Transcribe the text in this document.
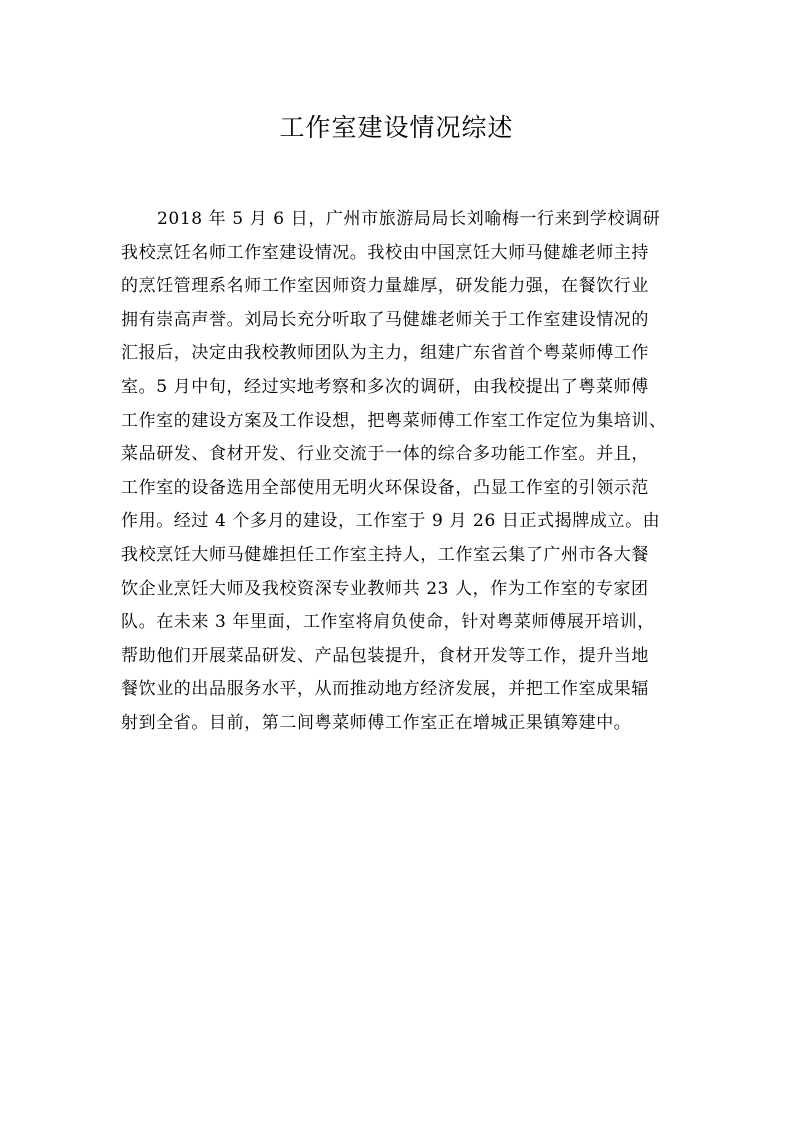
工作室建设情况综述
2018 年 5 月 6 日，广州市旅游局局长刘喻梅一行来到学校调研
我校烹饪名师工作室建设情况。我校由中国烹饪大师马健雄老师主持
的烹饪管理系名师工作室因师资力量雄厚，研发能力强，在餐饮行业
拥有崇高声誉。刘局长充分听取了马健雄老师关于工作室建设情况的
汇报后，决定由我校教师团队为主力，组建广东省首个粤菜师傅工作
室。5 月中旬，经过实地考察和多次的调研，由我校提出了粤菜师傅
工作室的建设方案及工作设想，把粤菜师傅工作室工作定位为集培训、
菜品研发、食材开发、行业交流于一体的综合多功能工作室。并且，
工作室的设备选用全部使用无明火环保设备，凸显工作室的引领示范
作用。经过 4 个多月的建设，工作室于 9 月 26 日正式揭牌成立。由
我校烹饪大师马健雄担任工作室主持人，工作室云集了广州市各大餐
饮企业烹饪大师及我校资深专业教师共 23 人，作为工作室的专家团
队。在未来 3 年里面，工作室将肩负使命，针对粤菜师傅展开培训，
帮助他们开展菜品研发、产品包装提升，食材开发等工作，提升当地
餐饮业的出品服务水平，从而推动地方经济发展，并把工作室成果辐
射到全省。目前，第二间粤菜师傅工作室正在增城正果镇筹建中。
